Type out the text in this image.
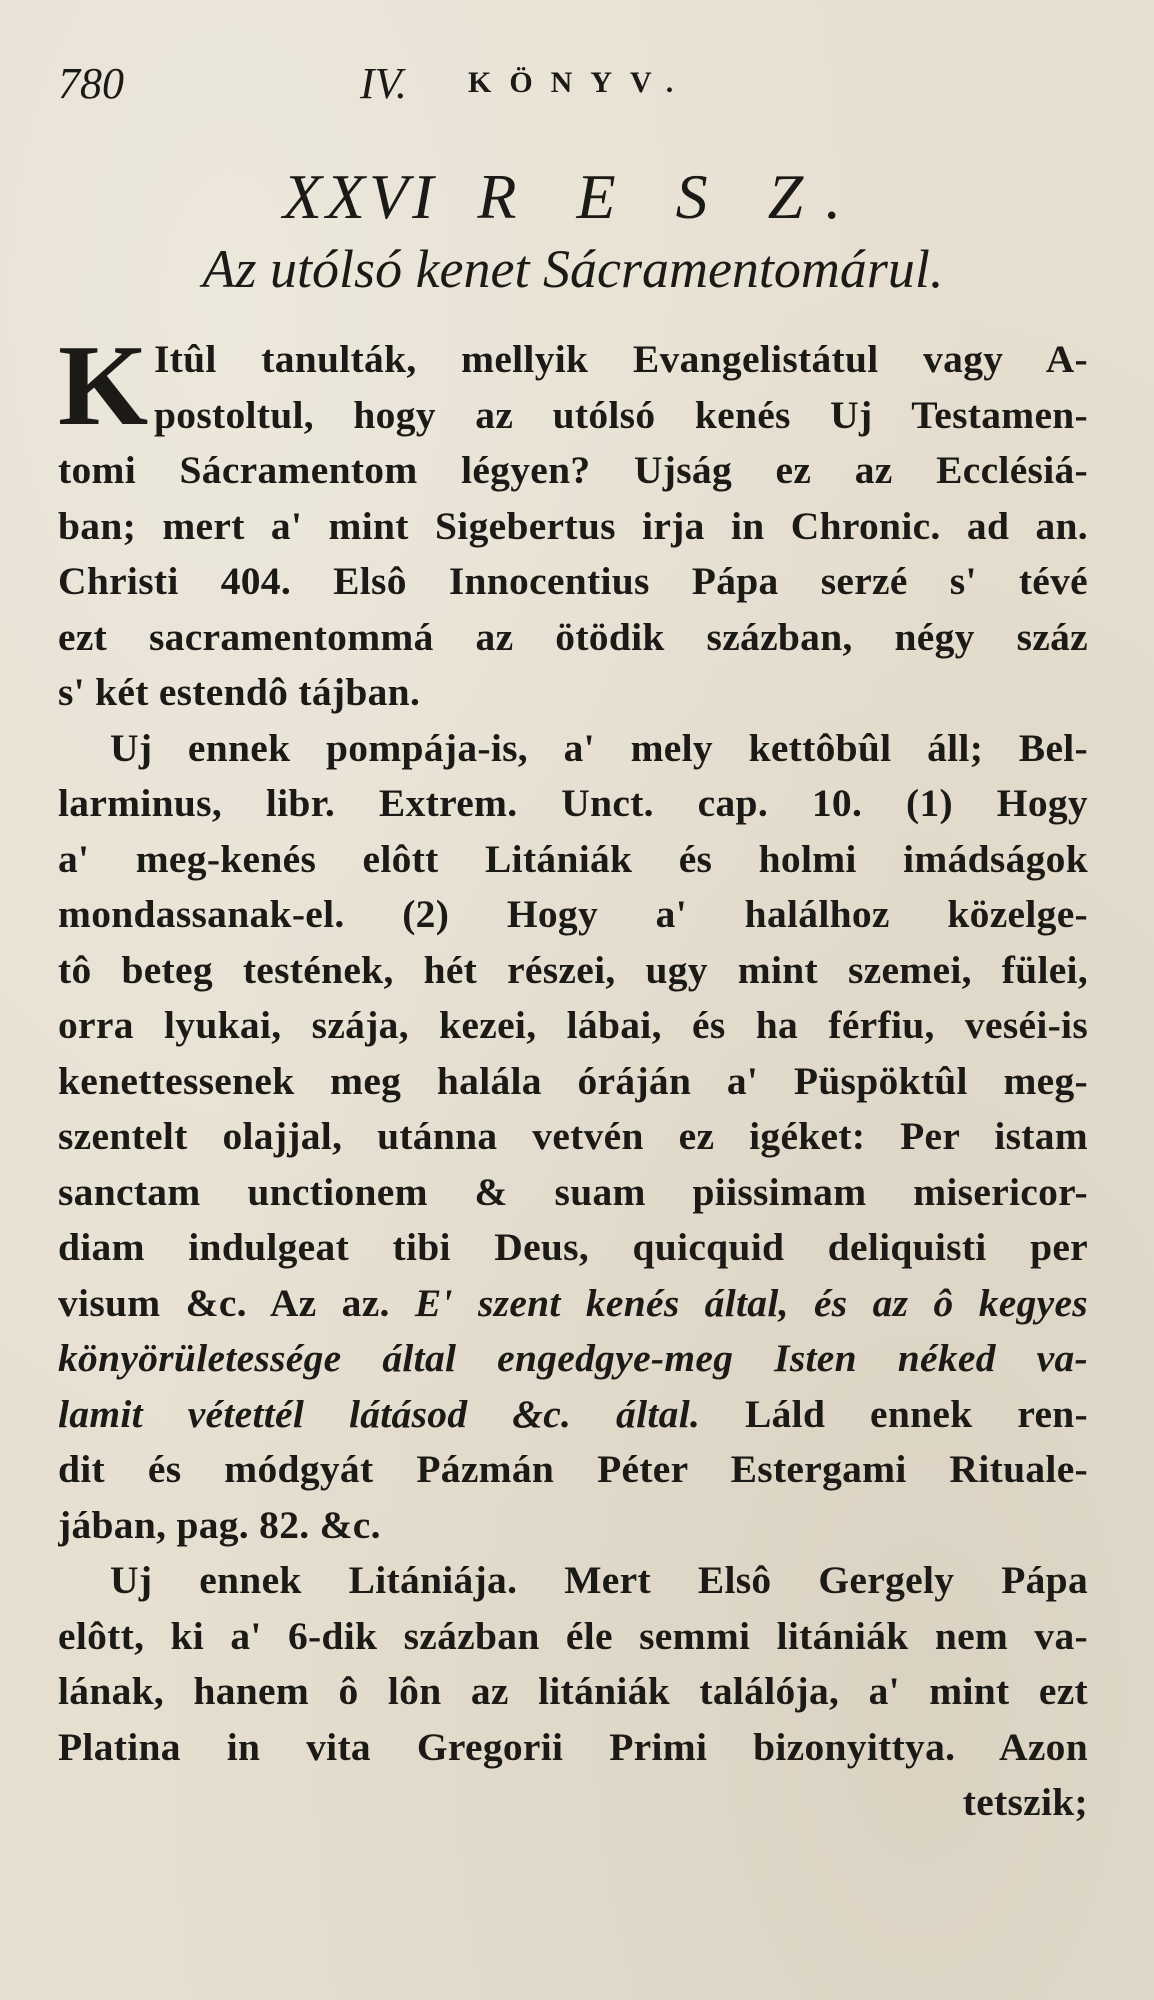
780	IV. KÖNYV.
XXVI R E S Z.
Az utólsó kenet Sácramentomárul.
K Itûl tanulták, mellyik Evangelistátul vagy A-
postoltul, hogy az utólsó kenés Uj Testamen-
tomi Sácramentom légyen? Ujság ez az Ecclésiá-
ban; mert a' mint Sigebertus irja in Chronic. ad an.
Christi 404. Elsô Innocentius Pápa serzé s' tévé
ezt sacramentommá az ötödik százban, négy száz
s' két estendô tájban.
Uj ennek pompája-is, a' mely kettôbûl áll; Bel-
larminus, libr. Extrem. Unct. cap. 10. (1) Hogy
a' meg-kenés elôtt Litániák és holmi imádságok
mondassanak-el. (2) Hogy a' halálhoz közelge-
tô beteg testének, hét részei, ugy mint szemei, fülei,
orra lyukai, szája, kezei, lábai, és ha férfiu, veséi-is
kenettessenek meg halála óráján a' Püspöktûl meg-
szentelt olajjal, utánna vetvén ez igéket: Per istam
sanctam unctionem & suam piissimam misericor-
diam indulgeat tibi Deus, quicquid deliquisti per
visum &c. Az az. E' szent kenés által, és az ô kegyes
könyörületessége által engedgye-meg Isten néked va-
lamit vétettél látásod &c. által. Láld ennek ren-
dit és módgyát Pázmán Péter Estergami Rituale-
jában, pag. 82. &c.
Uj ennek Litániája. Mert Elsô Gergely Pápa
elôtt, ki a' 6-dik százban éle semmi litániák nem va-
lának, hanem ô lôn az litániák találója, a' mint ezt
Platina in vita Gregorii Primi bizonyittya. Azon
tetszik;
